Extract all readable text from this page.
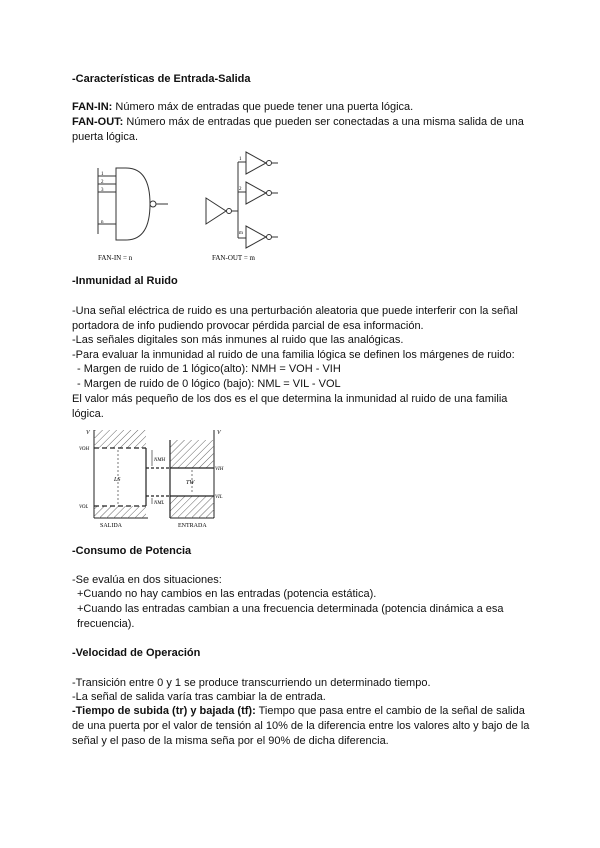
-Características de Entrada-Salida
FAN-IN: Número máx de entradas que puede tener una puerta lógica.
FAN-OUT: Número máx de entradas que pueden ser conectadas a una misma salida de una puerta lógica.
1
2
3
n
FAN-IN = n
1
2
m
FAN-OUT = m
-Inmunidad al Ruido
-Una señal eléctrica de ruido es una perturbación aleatoria que puede interferir con la señal portadora de info pudiendo provocar pérdida parcial de esa información.
-Las señales digitales son más inmunes al ruido que las analógicas.
-Para evaluar la inmunidad al ruido de una familia lógica se definen los márgenes de ruido:
- Margen de ruido de 1 lógico(alto): NMH = VOH - VIH
- Margen de ruido de 0 lógico (bajo): NML = VIL - VOL
El valor más pequeño de los dos es el que determina la inmunidad al ruido de una familia lógica.
V	V
VOH
VOL
VIH
VIL
NMH
NML
LS	TW
SALIDA	ENTRADA
-Consumo de Potencia
-Se evalúa en dos situaciones:
+Cuando no hay cambios en las entradas (potencia estática).
+Cuando las entradas cambian a una frecuencia determinada (potencia dinámica a esa frecuencia).
-Velocidad de Operación
-Transición entre 0 y 1 se produce transcurriendo un determinado tiempo.
-La señal de salida varía tras cambiar la de entrada.
-Tiempo de subida (tr) y bajada (tf): Tiempo que pasa entre el cambio de la señal de salida de una puerta por el valor de tensión al 10% de la diferencia entre los valores alto y bajo de la señal y el paso de la misma seña por el 90% de dicha diferencia.
